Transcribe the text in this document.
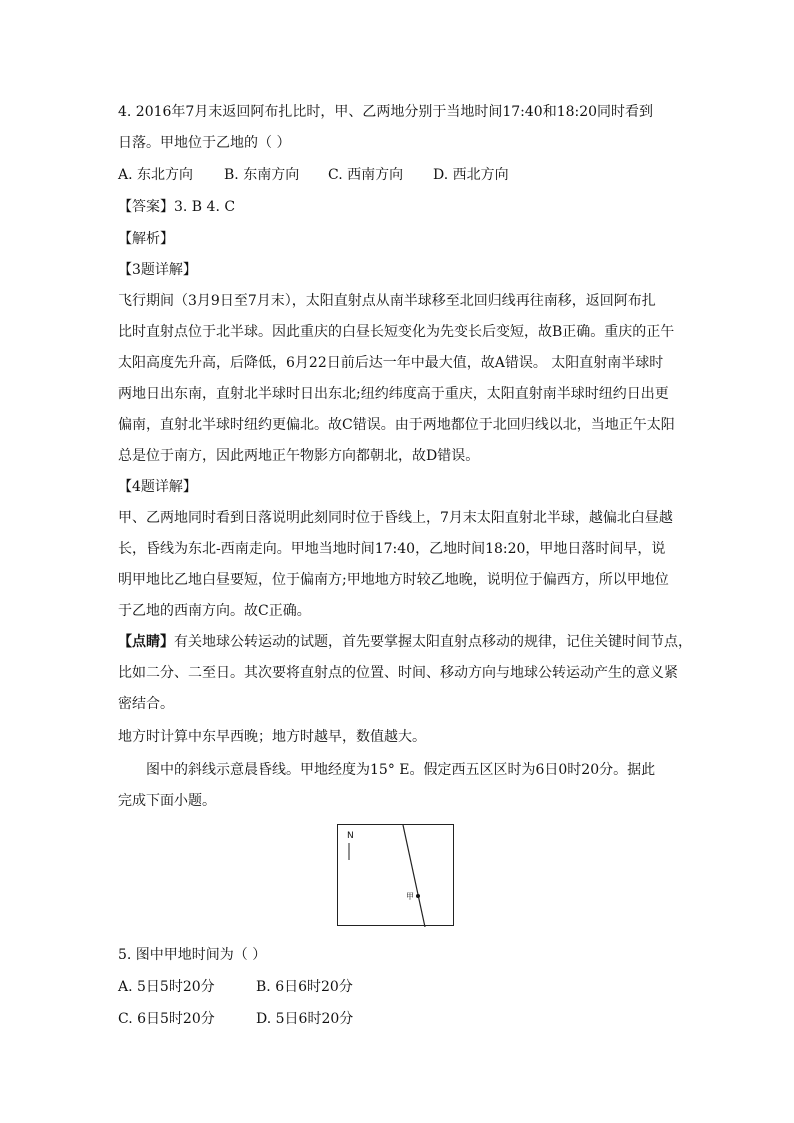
4. 2016年7月末返回阿布扎比时，甲、乙两地分别于当地时间17:40和18:20同时看到
日落。甲地位于乙地的（ ）
A. 东北方向 B. 东南方向 C. 西南方向 D. 西北方向
【答案】3. B 4. C
【解析】
【3题详解】
飞行期间（3月9日至7月末），太阳直射点从南半球移至北回归线再往南移，返回阿布扎
比时直射点位于北半球。因此重庆的白昼长短变化为先变长后变短，故B正确。重庆的正午
太阳高度先升高，后降低，6月22日前后达一年中最大值，故A错误。 太阳直射南半球时
两地日出东南，直射北半球时日出东北;纽约纬度高于重庆，太阳直射南半球时纽约日出更
偏南，直射北半球时纽约更偏北。故C错误。由于两地都位于北回归线以北，当地正午太阳
总是位于南方，因此两地正午物影方向都朝北，故D错误。
【4题详解】
甲、乙两地同时看到日落说明此刻同时位于昏线上，7月末太阳直射北半球，越偏北白昼越
长，昏线为东北-西南走向。甲地当地时间17:40，乙地时间18:20，甲地日落时间早，说
明甲地比乙地白昼要短，位于偏南方;甲地地方时较乙地晚，说明位于偏西方，所以甲地位
于乙地的西南方向。故C正确。
【点睛】有关地球公转运动的试题，首先要掌握太阳直射点移动的规律，记住关键时间节点，
比如二分、二至日。其次要将直射点的位置、时间、移动方向与地球公转运动产生的意义紧
密结合。
地方时计算中东早西晚；地方时越早，数值越大。
图中的斜线示意晨昏线。甲地经度为15° E。假定西五区区时为6日0时20分。据此
完成下面小题。
N
甲
5. 图中甲地时间为（ ）
A. 5日5时20分	B. 6日6时20分
C. 6日5时20分	D. 5日6时20分
